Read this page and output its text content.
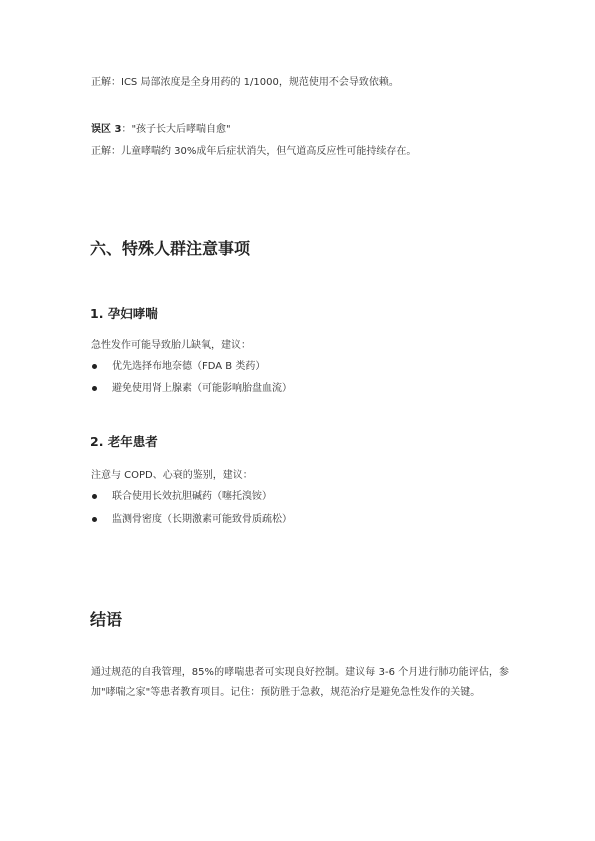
正解：ICS 局部浓度是全身用药的 1/1000，规范使用不会导致依赖。
误区 3："孩子长大后哮喘自愈"
正解：儿童哮喘约 30%成年后症状消失，但气道高反应性可能持续存在。
六、特殊人群注意事项
1. 孕妇哮喘
急性发作可能导致胎儿缺氧，建议：
优先选择布地奈德（FDA B 类药）
避免使用肾上腺素（可能影响胎盘血流）
2. 老年患者
注意与 COPD、心衰的鉴别，建议：
联合使用长效抗胆碱药（噻托溴铵）
监测骨密度（长期激素可能致骨质疏松）
结语
通过规范的自我管理，85%的哮喘患者可实现良好控制。建议每 3-6 个月进行肺功能评估，参加"哮喘之家"等患者教育项目。记住：预防胜于急救，规范治疗是避免急性发作的关键。
